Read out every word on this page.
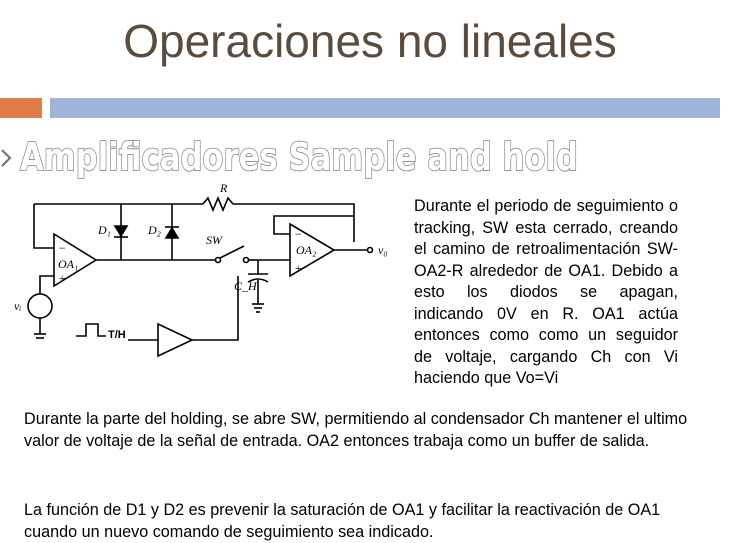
Operaciones no lineales
Amplificadores Sample and hold
R
D₁	D₂
SW
OA₁
OA₂	v₀
vᵢ
C_H
T/H
−
+
−
+

Durante el periodo de seguimiento o tracking, SW esta cerrado, creando el camino de retroalimentación SW-OA2-R alrededor de OA1. Debido a esto los diodos se apagan, indicando 0V en R. OA1 actúa entonces como como un seguidor de voltaje, cargando Ch con Vi haciendo que Vo=Vi

Durante la parte del holding, se abre SW, permitiendo al condensador Ch mantener el ultimo valor de voltaje de la señal de entrada. OA2 entonces trabaja como un buffer de salida.

La función de D1 y D2 es prevenir la saturación de OA1 y facilitar la reactivación de OA1 cuando un nuevo comando de seguimiento sea indicado.
